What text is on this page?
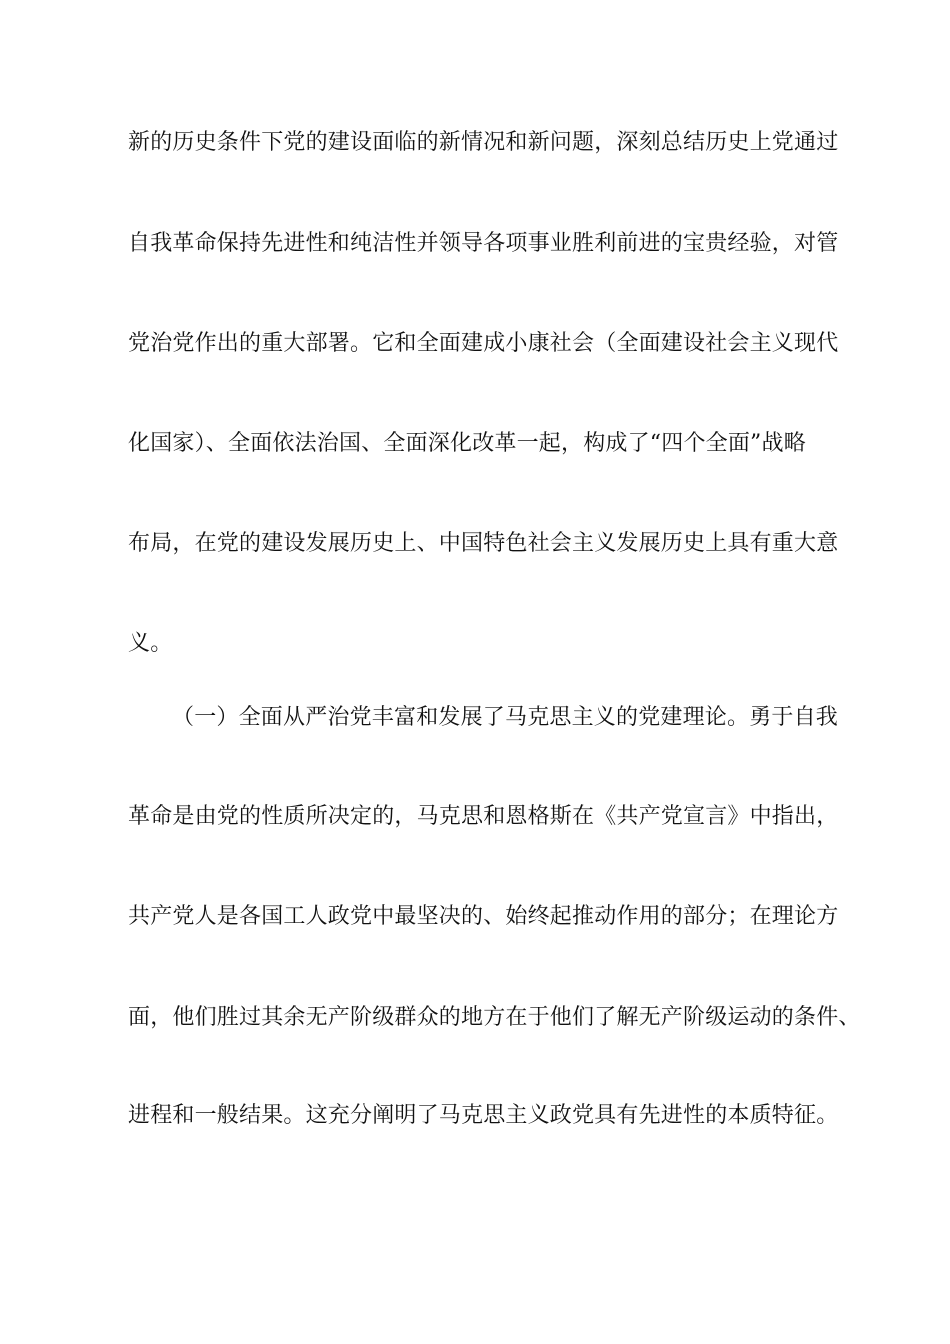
新的历史条件下党的建设面临的新情况和新问题，深刻总结历史上党通过
自我革命保持先进性和纯洁性并领导各项事业胜利前进的宝贵经验，对管
党治党作出的重大部署。它和全面建成小康社会（全面建设社会主义现代
化国家）、全面依法治国、全面深化改革一起，构成了“四个全面”战略
布局，在党的建设发展历史上、中国特色社会主义发展历史上具有重大意
义。
（一）全面从严治党丰富和发展了马克思主义的党建理论。勇于自我
革命是由党的性质所决定的，马克思和恩格斯在《共产党宣言》中指出，
共产党人是各国工人政党中最坚决的、始终起推动作用的部分；在理论方
面，他们胜过其余无产阶级群众的地方在于他们了解无产阶级运动的条件、
进程和一般结果。这充分阐明了马克思主义政党具有先进性的本质特征。
